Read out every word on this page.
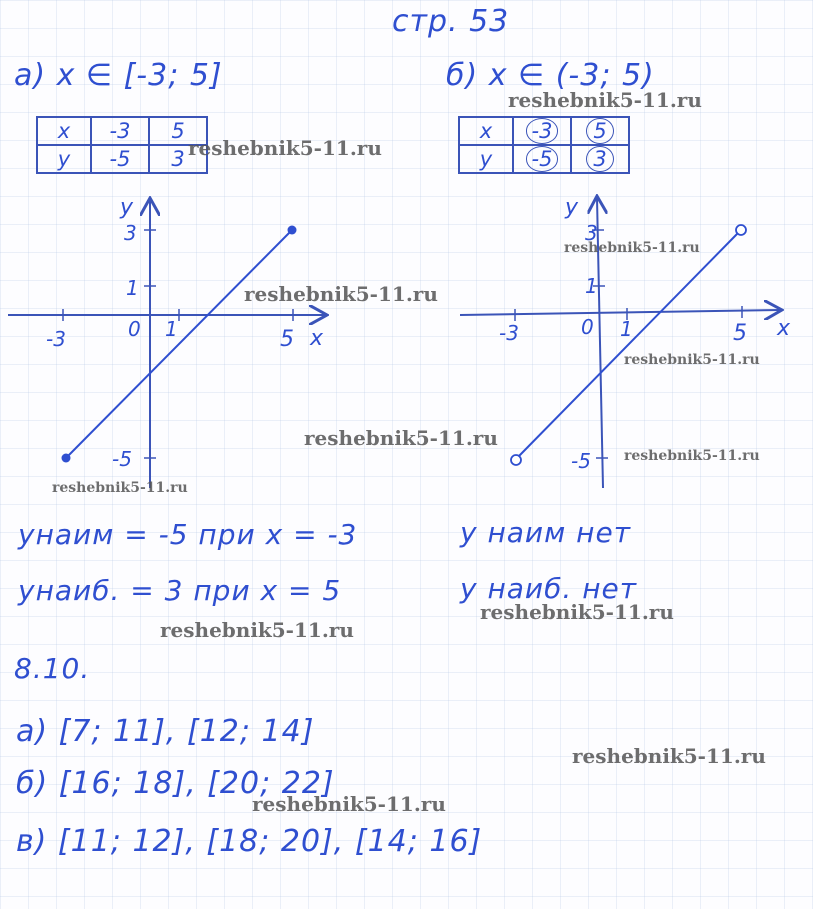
стр. 53
а) x ∈ [-3; 5]	б) x ∈ (-3; 5)
x	-3	5
y	-5	3
x	-3	5
y	-5	3
y
x
-3	0 1	5
3
1
-5
y
x
-3	0 1	5
3
1
-5
yнаим = -5 при x = -3
yнаиб. = 3 при x = 5
y наим нет
y наиб. нет
8.10.
а) [7; 11], [12; 14]
б) [16; 18], [20; 22]
в) [11; 12], [18; 20], [14; 16]
reshebnik5-11.ru
reshebnik5-11.ru
reshebnik5-11.ru
reshebnik5-11.ru
reshebnik5-11.ru
reshebnik5-11.ru
reshebnik5-11.ru
reshebnik5-11.ru
reshebnik5-11.ru
reshebnik5-11.ru
reshebnik5-11.ru
reshebnik5-11.ru
